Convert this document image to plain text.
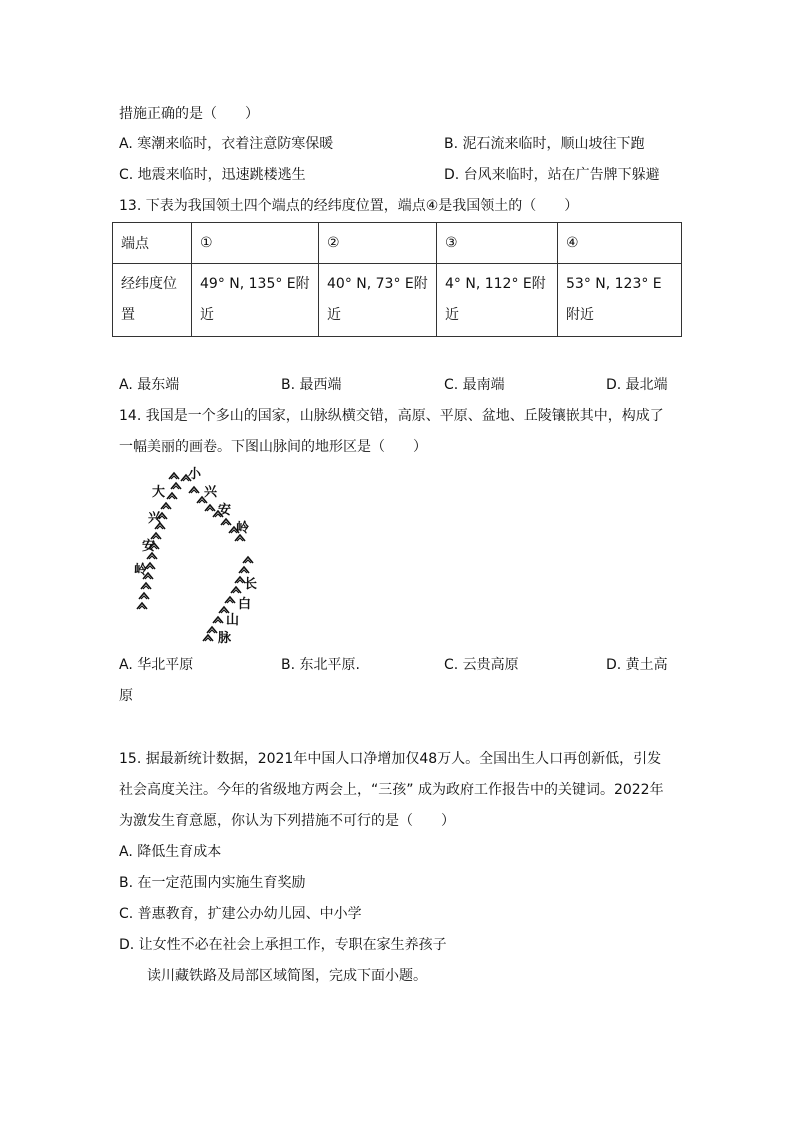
措施正确的是（　　）
A. 寒潮来临时，衣着注意防寒保暖	B. 泥石流来临时，顺山坡往下跑
C. 地震来临时，迅速跳楼逃生	D. 台风来临时，站在广告牌下躲避
13. 下表为我国领土四个端点的经纬度位置，端点④是我国领土的（　　）
端点	①	②	③	④
经纬度位置	49° N, 135° E附近	40° N, 73° E附近	4° N, 112° E附近	53° N, 123° E附近
A. 最东端	B. 最西端	C. 最南端	D. 最北端
14. 我国是一个多山的国家，山脉纵横交错，高原、平原、盆地、丘陵镶嵌其中，构成了
一幅美丽的画卷。下图山脉间的地形区是（　　）
大
小
兴
安
岭
兴
安
岭
长
白
山
脉
A. 华北平原	B. 东北平原.	C. 云贵高原	D. 黄土高
原
15. 据最新统计数据，2021年中国人口净增加仅48万人。全国出生人口再创新低，引发
社会高度关注。今年的省级地方两会上，“三孩” 成为政府工作报告中的关键词。2022年
为激发生育意愿，你认为下列措施不可行的是（　　）
A. 降低生育成本
B. 在一定范围内实施生育奖励
C. 普惠教育，扩建公办幼儿园、中小学
D. 让女性不必在社会上承担工作，专职在家生养孩子
读川藏铁路及局部区域简图，完成下面小题。
